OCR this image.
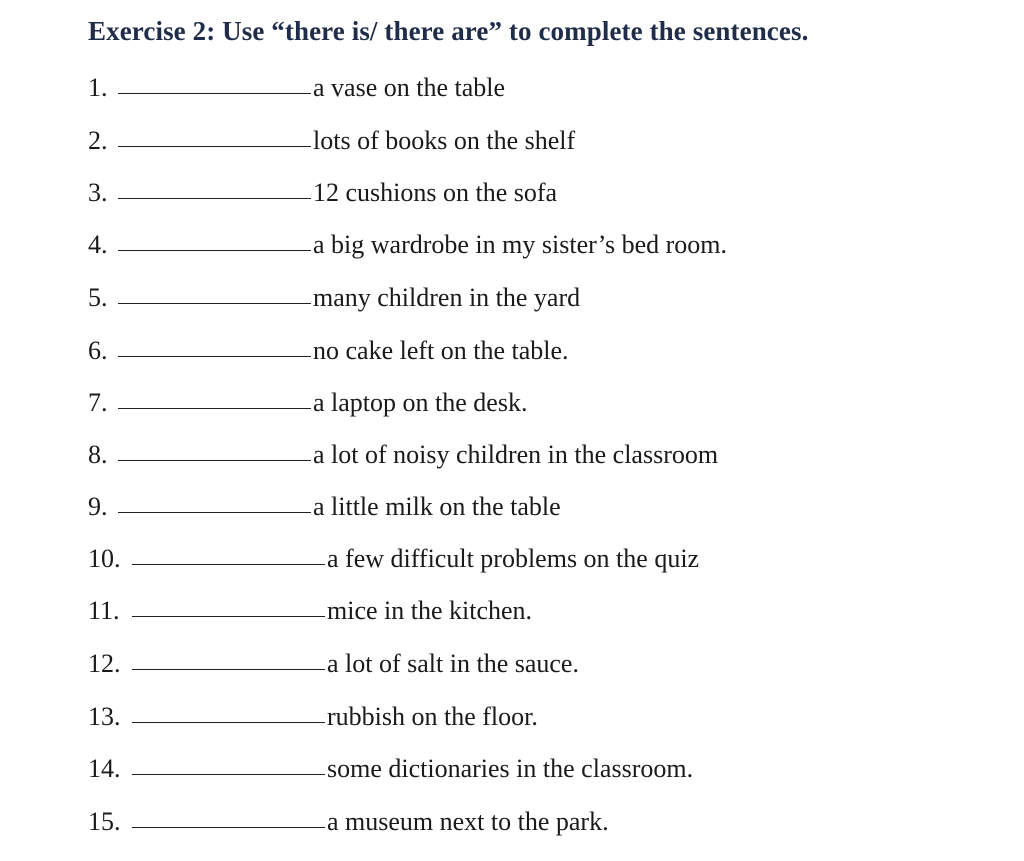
Exercise 2: Use “there is/ there are” to complete the sentences.
1.	a vase on the table
2.	lots of books on the shelf
3.	12 cushions on the sofa
4.	a big wardrobe in my sister’s bed room.
5.	many children in the yard
6.	no cake left on the table.
7.	a laptop on the desk.
8.	a lot of noisy children in the classroom
9.	a little milk on the table
10.	a few difficult problems on the quiz
11.	mice in the kitchen.
12.	a lot of salt in the sauce.
13.	rubbish on the floor.
14.	some dictionaries in the classroom.
15.	a museum next to the park.
